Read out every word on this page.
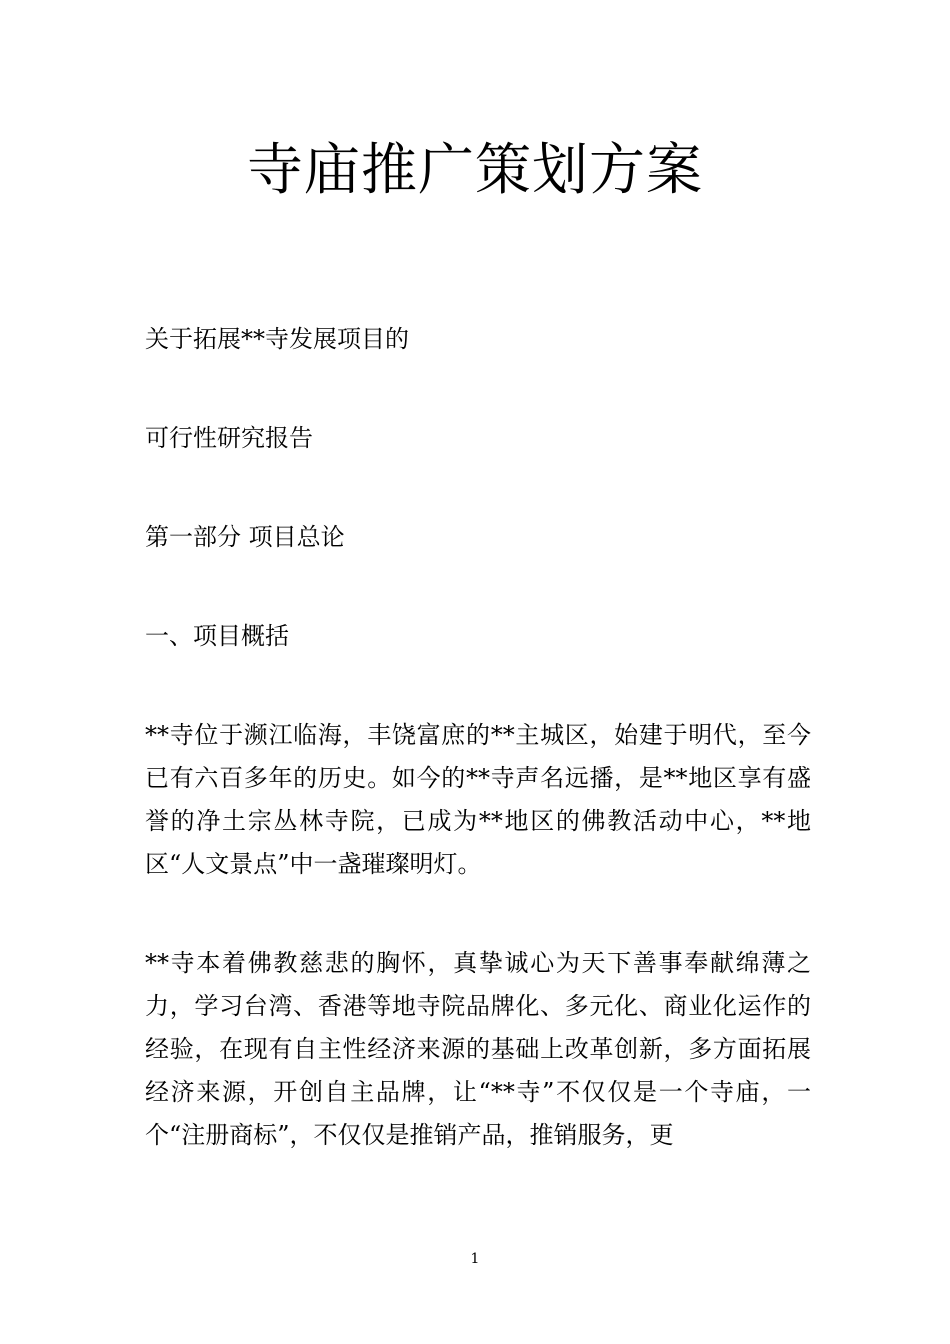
寺庙推广策划方案
关于拓展**寺发展项目的
可行性研究报告
第一部分 项目总论
一、项目概括

**寺位于濒江临海，丰饶富庶的**主城区，始建于明代，至今已有六百多年的历史。如今的**寺声名远播，是**地区享有盛誉的净土宗丛林寺院，已成为**地区的佛教活动中心，**地区“人文景点”中一盏璀璨明灯。

**寺本着佛教慈悲的胸怀，真挚诚心为天下善事奉献绵薄之力，学习台湾、香港等地寺院品牌化、多元化、商业化运作的经验，在现有自主性经济来源的基础上改革创新，多方面拓展经济来源，开创自主品牌，让“**寺”不仅仅是一个寺庙，一个“注册商标”，不仅仅是推销产品，推销服务，更

1
